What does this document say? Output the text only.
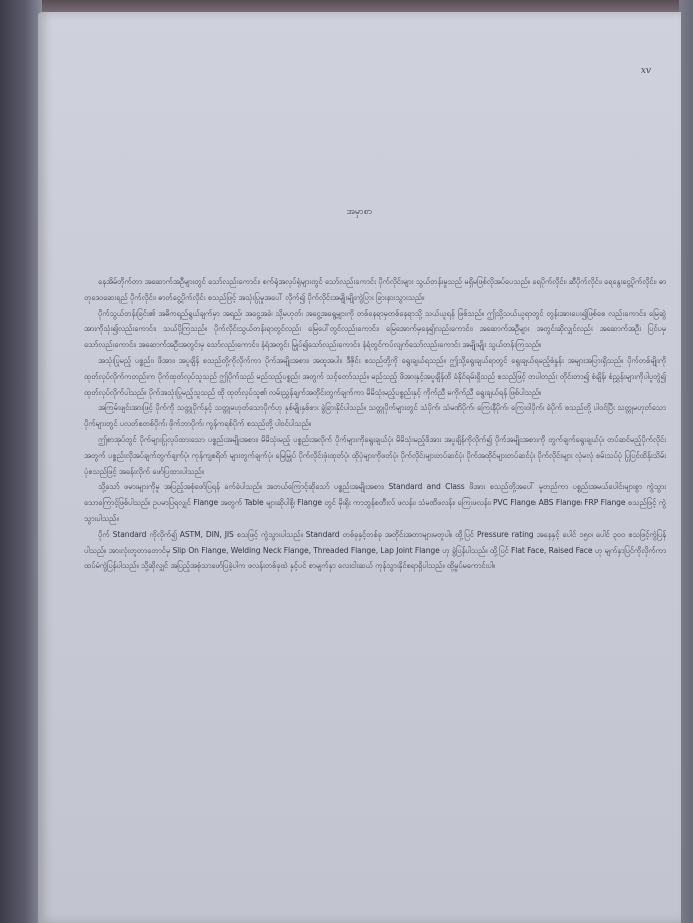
xv
အမှာစာ

နေအိမ်တိုက်တာ အဆောက်အဦများတွင် သော်လည်းကောင်း၊ စက်ရုံအလုပ်ရုံများတွင် သော်လည်းကောင်း ပိုက်လိုင်းများ သွယ်တန်းမှုသည် မရှိမဖြစ်လိုအပ်ပေသည်။ ရေပိုက်လိုင်း၊ ဆီပိုက်လိုင်း၊ ရေနွေးငွေ့ပိုက်လိုင်း၊ ဓာတုဒေဝဆေးရည် ပိုက်လိုင်း၊ ဓာတ်ငွေ့ပိုက်လိုင်း စသည်ဖြင့် အသုံးပြုမှုအပေါ် လိုက်၍ ပိုက်လိုင်းအမျိုးမျိုးကွဲပြား ခြားနားသွားသည်။

ပိုက်သွယ်တန်းခြင်း၏ အဓိကရည်ရွယ်ချက်မှာ အရည်၊ အငွေ့အခဲ၊ သို့မဟုတ်၊ အငွေ့အရွေ့များကို တစ်နေရာမှတစ်နေရာသို့ သယ်ယူရန် ဖြစ်သည်။ ဤသို့သယ်ယူရာတွင် တွန်းအားပေး၍ဖြစ်စေ လည်းကောင်း၊ မြေဆွဲအားကိုသုံး၍လည်းကောင်း၊ သယ်ပို့ကြသည်။ ပိုက်လိုင်းသွယ်တန်းရာတွင်လည်း မြေပေါ်တွင်လည်းကောင်း၊ မြေအောက်မှနေ၍လည်းကောင်း၊ အဆောက်အဦများ အတွင်းဆိုလျှင်လည်း အဆောက်အဦး ပြင်ပမှသော်လည်းကောင်း၊ အဆောက်အဦးအတွင်းမှ သော်လည်းကောင်း၊ နံရံအတွင်း မြှုပ်၍သော်လည်းကောင်း၊ နံရံတွင်ကပ်လျက်သော်လည်းကောင်း အမျိုးမျိုး သွယ်တန်းကြသည်။

အသုံးပြုမည့် ပစ္စည်း၊ ဖိအား၊ အပူချိန် စသည်တို့ကိုလိုက်ကာ ပိုက်အမျိုးအစား၊ အထူအပါး၊ ဒီဇိုင်း စသည်တို့ကို ရွေးချယ်ရသည်။ ဤသို့ရွေးချယ်ရာတွင် ရွေးချယ်ရမည့်စံနှုန်း အများအပြားရှိသည်။ ပိုက်တစ်မျိုးကို ထုတ်လုပ်လိုက်ကတည်းက ပိုက်ထုတ်လုပ်သူသည် ဤပိုက်သည် မည်သည့်ပစ္စည်း အတွက် သင့်တော်သည်။ မည်သည့် ဖိအားနှင့်အပူချိန်ထိ ခံနိုင်ရမ်းရှိသည် စသည်ဖြင့် တပါတည်း တိုင်းတာ၍ စံချိန်၊ စံညွှန်းများကိုပါပူတွဲ၍ ထုတ်လုပ်လိုက်ပါသည်။ ပိုက်အသုံးပြုမည့်သူသည် ထို ထုတ်လုပ်သူ၏ လမ်းညွှန်ချက်အတိုင်းတွက်ချက်ကာ မိမိသုံးမည့်ပစ္စည်းနှင့် ကိုက်ညီ မကိုက်ညီ ရွေးချယ်ရန် ဖြစ်ပါသည်။

အကြမ်းဖျင်းအားဖြင့် ပိုက်ကို သတ္တုပိုက်နှင့် သတ္တုမဟုတ်သောပိုက်ဟု နှစ်မျိုးနှစ်စား ခွဲခြားနိုင်ပါသည်။ သတ္တုပိုက်များတွင် သံပိုက်၊ သံမဏိပိုက်၊ ကြေးနီပိုက်၊ ကြေးဝါပိုက်၊ ခဲပိုက် စသည်တို့ ပါဝင်ပြီး သတ္တုမဟုတ်သော ပိုက်များတွင် ပလတ်စတစ်ပိုက်၊ ဖိုက်ဘာပိုက်၊ ကွန်ကရစ်ပိုက် စသည်တို့ ပါဝင်ပါသည်။

ဤစာအုပ်တွင် ပိုက်များပြုလုပ်ထားသော ပစ္စည်းအမျိုးအစား၊ မိမိသုံးမည့် ပစ္စည်းအလိုက် ပိုက်များကိုရွေးချယ်ပုံ၊ မိမိသုံးမည့်ဖိအား အပူချိန်ကိုလိုက်၍ ပိုက်အမျိုးအစားကို တွက်ချက်ရွေးချယ်ပုံ၊ တပ်ဆင်မည့်ပိုက်လိုင်းအတွက် ပစ္စည်းလိုအပ်ချက်တွက်ချက်ပုံ၊ ကုန်ကျစရိတ် များတွက်ချက်ပုံ၊ မြေမြှုပ် ပိုက်လိုင်းဖုံးထုတ်ပုံ၊ ထိုပုံများကိုဖတ်ပုံ၊ ပိုက်လိုင်းများတပ်ဆင်ပုံ၊ ပိုက်အထိုင်များတပ်ဆင်ပုံ၊ ပိုက်လိုင်းများ လုံမလုံ စမ်းသပ်ပုံ ပြုပြင်ထိန်းသိမ်းပုံစသည်ဖြင့် အခန်းလိုက် ဖော်ပြထားပါသည်။

သို့သော် ဖမားများကိုမူ အပြည့်အစုံဖော်ပြရန် ခက်ခဲပါသည်။ အဘယ်ကြောင့်ဆိုသော် ပစ္စည်းအမျိုးအစား၊ Standard and Class ဖိအား စသည်တို့အပေါ် မူတည်ကာ ပစ္စည်းအမယ်ပေါင်းများစွာ ကွဲသွားသောကြောင့်ဖြစ်ပါသည်။ ဥပမာပြရလျှင် Flange အတွက် Table များဆိုပါစို့၊ Flange တွင် မိုးရိုး ကာဘွန်စတီးလ် ဖလန်း၊ သံမဏိဖလန်း၊ ကြေးဖလန်း၊ PVC Flange၊ ABS Flange၊ FRP Flange စသည်ဖြင့် ကွဲသွားပါသည်။

ပိုက် Standard ကိုလိုက်၍ ASTM, DIN, JIS စသဖြင့် ကွဲသွားပါသည်။ Standard တစ်ခုနှင့်တစ်ခု အတိုင်းအတာများမတူပါ။ ထို့ပြင် Pressure rating အနေနှင့် ပေါင် ၁၅၀၊ ပေါင် ၃၀၀ စသဖြင့်ကွဲပြန်ပါသည်။ အားလုံးတူတာတောင်မှ Slip On Flange, Welding Neck Flange, Threaded Flange, Lap Joint Flange ဟု ခွဲပြန်ပါသည်။ ထို့ပြင် Flat Face, Raised Face ဟု မျက်နှာပြင်ကိုလိုက်ကာ ထပ်မံကွဲပြန်ပါသည်။ သို့ဆိုလျှင် အပြည့်အစုံသာဖော်ပြခဲ့ပါက ဖလန်းတစ်ခုထဲ နှင့်ပင် စာမျက်နှာ လေးငါးဆယ် ကုန်သွားနိုင်စရာရှိပါသည်။ ထို့မှုပ်မကောင်းပါ။
